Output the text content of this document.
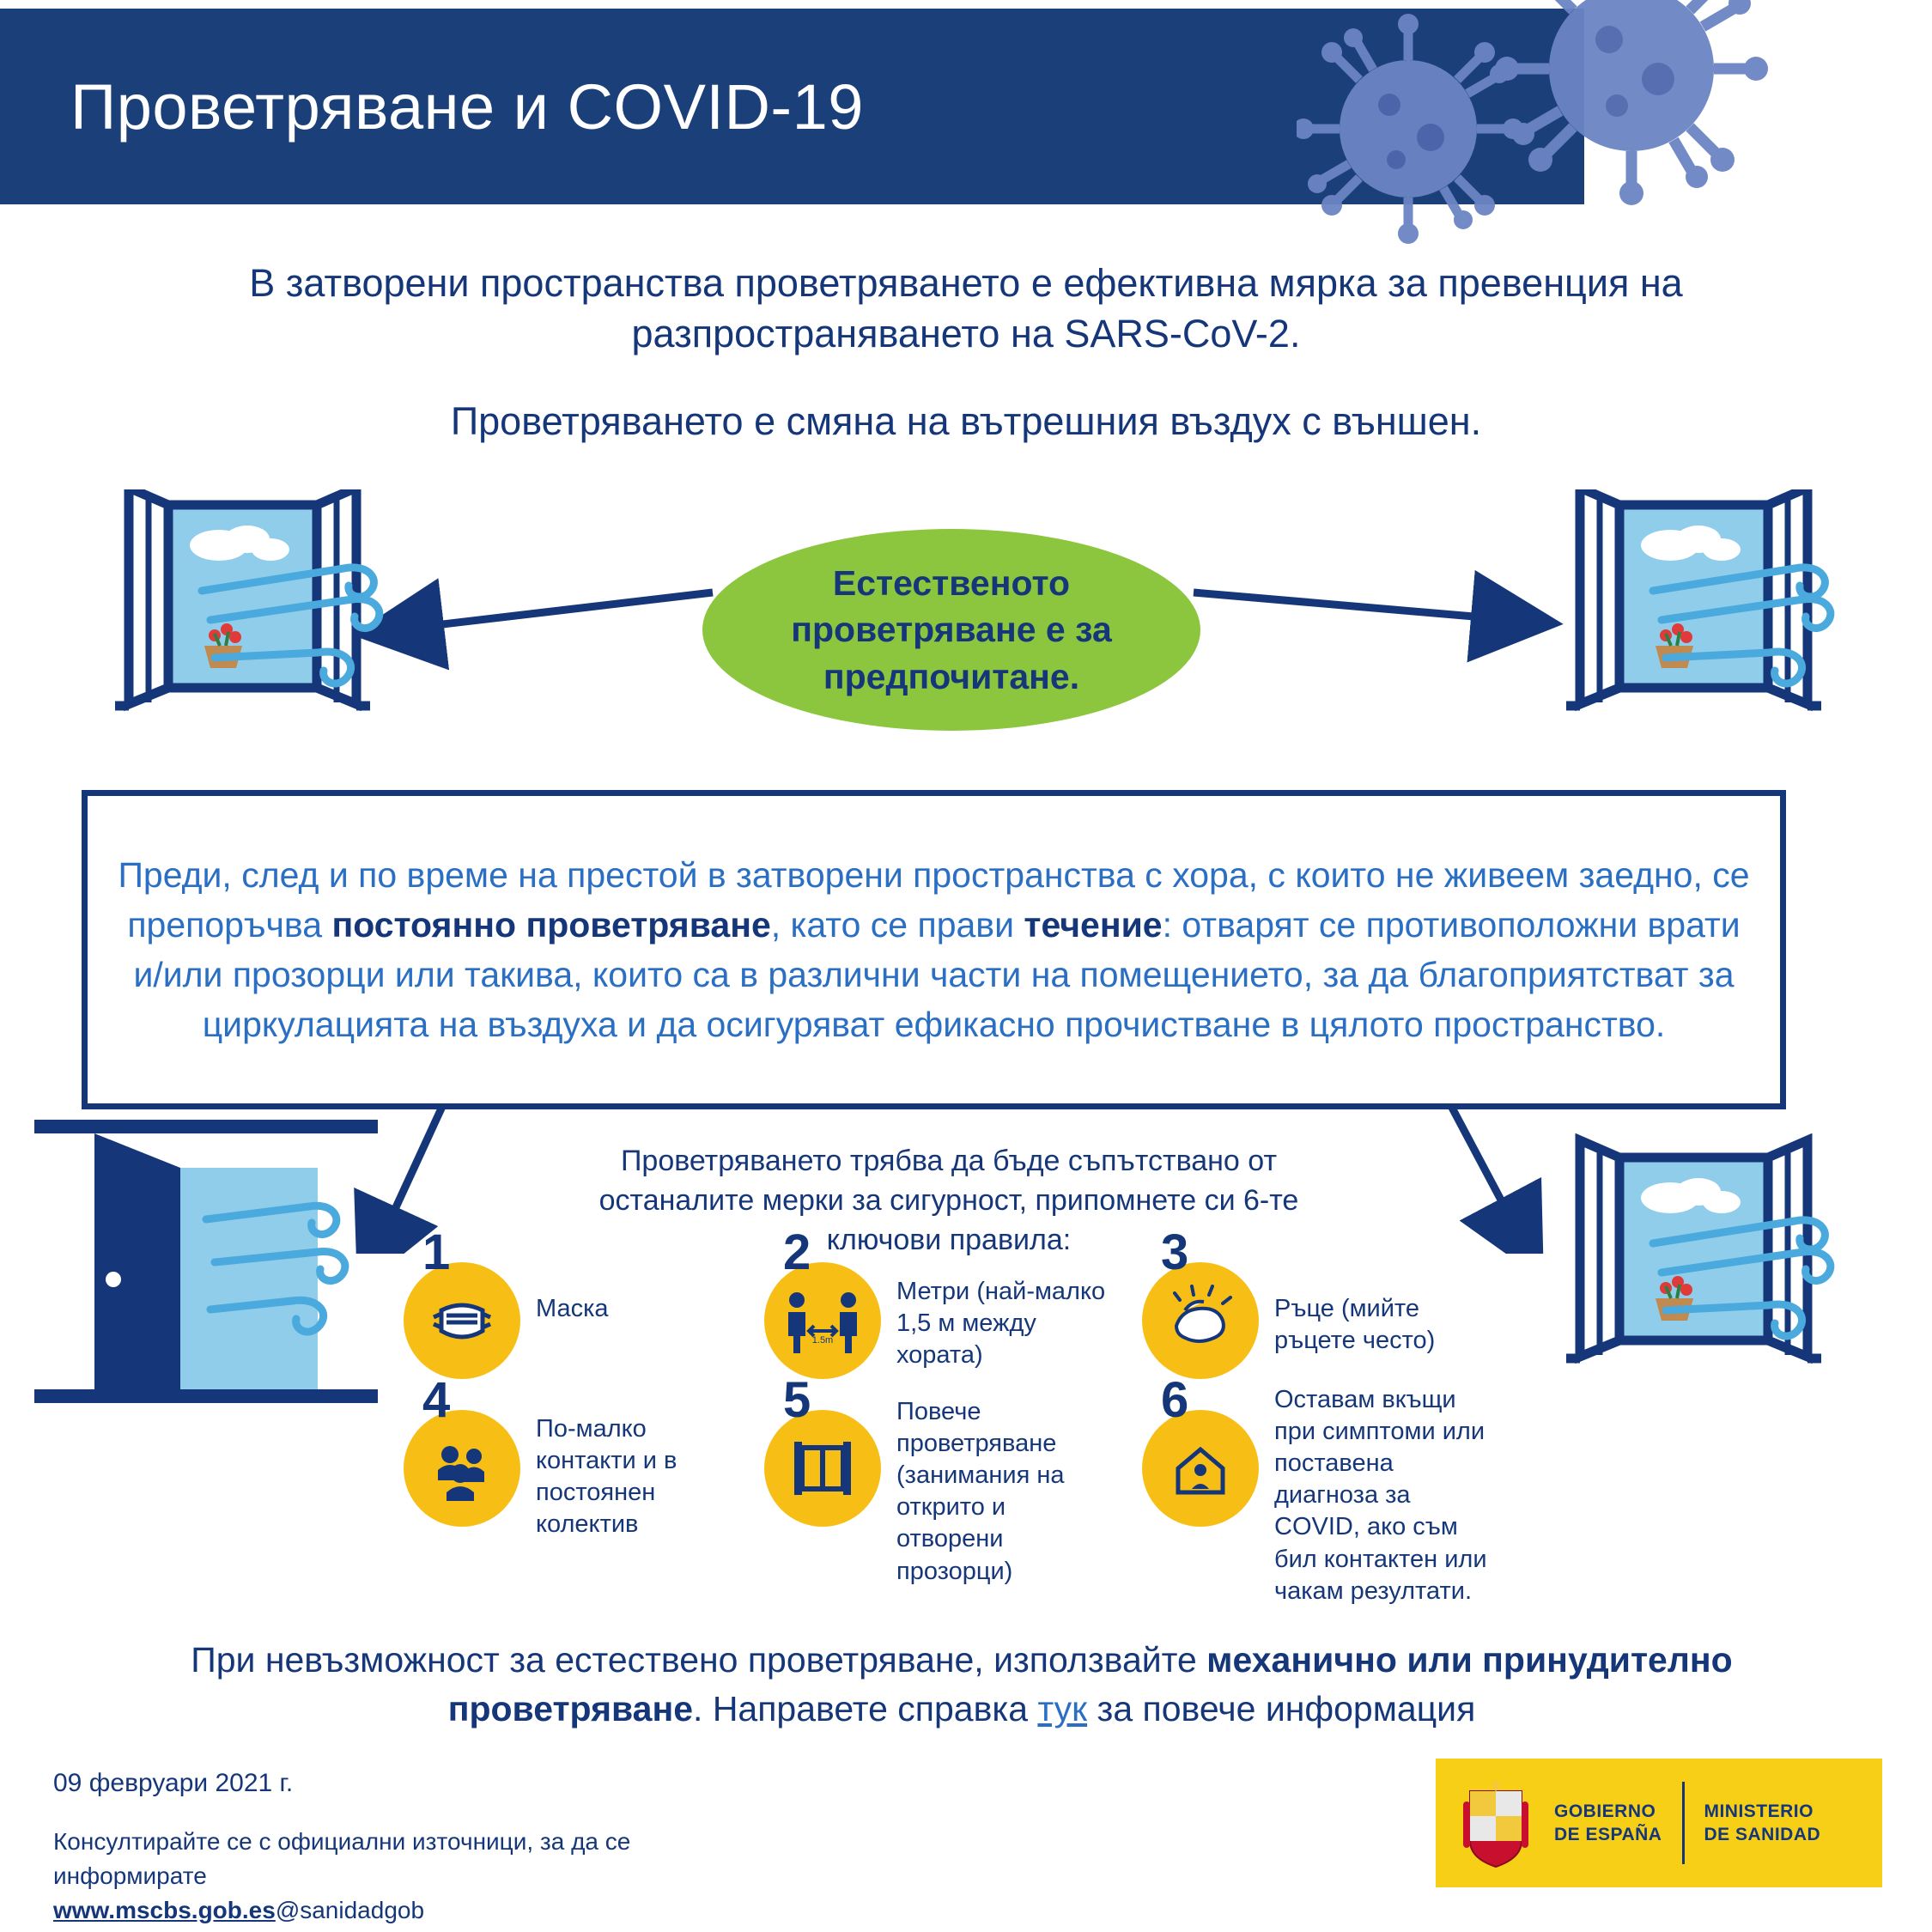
Проветряване и COVID-19

В затворени пространства проветряването е ефективна мярка за превенция на разпространяването на SARS-CoV-2.

Проветряването е смяна на вътрешния въздух с външен.

Естественото проветряване е за предпочитане.

Преди, след и по време на престой в затворени пространства с хора, с които не живеем заедно, се препоръчва постоянно проветряване, като се прави течение: отварят се противоположни врати и/или прозорци или такива, които са в различни части на помещението, за да благоприятстват за циркулацията на въздуха и да осигуряват ефикасно прочистване в цялото пространство.

Проветряването трябва да бъде съпътствано от останалите мерки за сигурност, припомнете си 6-те ключови правила:
1
Маска
2
1.5m
Метри (най-малко 1,5 м между хората)
3
Ръце (мийте ръцете често)
4
По-малко контакти и в постоянен колектив
5	Повече проветряване (занимания на открито и отворени прозорци)
6	Оставам вкъщи при симптоми или поставена диагноза за COVID, ако съм бил контактен или чакам резултати.
При невъзможност за естествено проветряване, използвайте механично или принудително проветряване. Направете справка тук за повече информация
09 февруари 2021 г.
Консултирайте се с официални източници, за да се информирате
www.mscbs.gob.es@sanidadgob
GOBIERNO
DE ESPAÑA
MINISTERIO
DE SANIDAD
